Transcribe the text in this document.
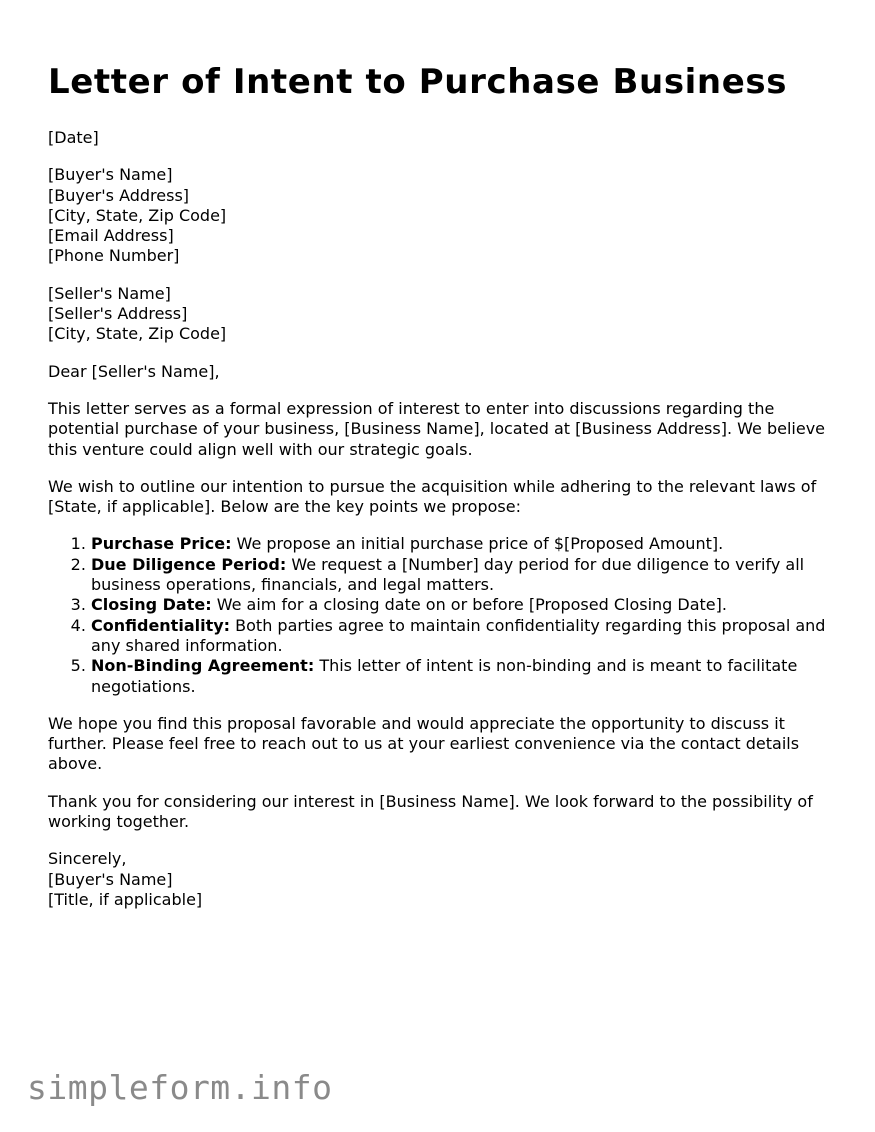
Letter of Intent to Purchase Business

[Date]

[Buyer's Name]
[Buyer's Address]
[City, State, Zip Code]
[Email Address]
[Phone Number]
[Seller's Name]
[Seller's Address]
[City, State, Zip Code]

Dear [Seller's Name],

This letter serves as a formal expression of interest to enter into discussions regarding the potential purchase of your business, [Business Name], located at [Business Address]. We believe this venture could align well with our strategic goals.

We wish to outline our intention to pursue the acquisition while adhering to the relevant laws of [State, if applicable]. Below are the key points we propose:

1. Purchase Price: We propose an initial purchase price of $[Proposed Amount].
2. Due Diligence Period: We request a [Number] day period for due diligence to verify all business operations, financials, and legal matters.
3. Closing Date: We aim for a closing date on or before [Proposed Closing Date].
4. Confidentiality: Both parties agree to maintain confidentiality regarding this proposal and any shared information.
5. Non-Binding Agreement: This letter of intent is non-binding and is meant to facilitate negotiations.

We hope you find this proposal favorable and would appreciate the opportunity to discuss it further. Please feel free to reach out to us at your earliest convenience via the contact details above.

Thank you for considering our interest in [Business Name]. We look forward to the possibility of working together.

Sincerely,
[Buyer's Name]
[Title, if applicable]
simpleform.info
